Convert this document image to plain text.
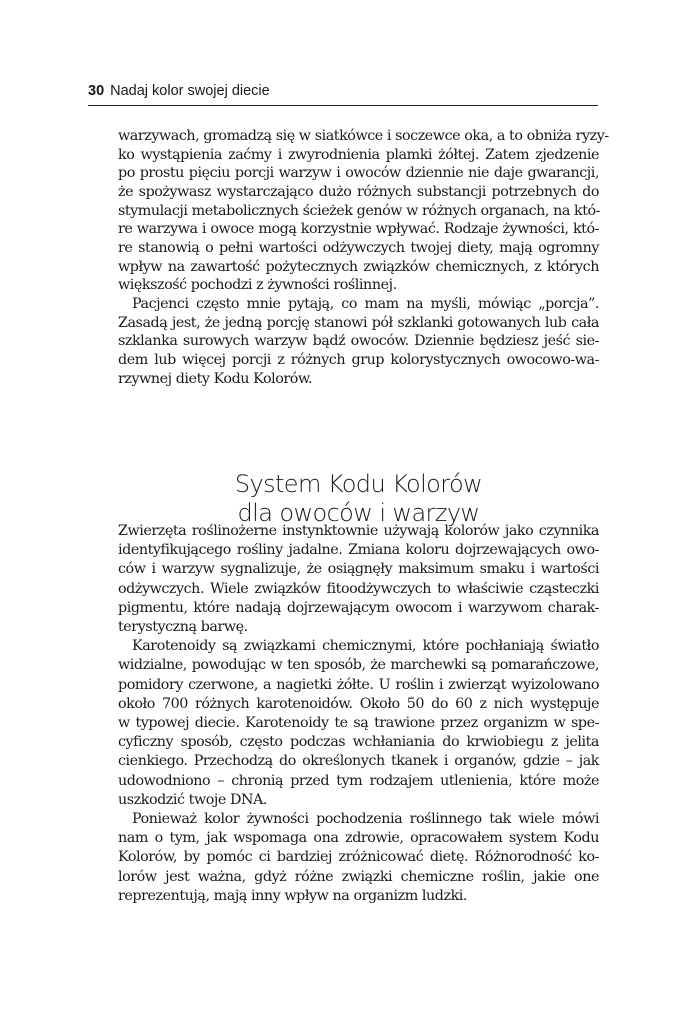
30 Nadaj kolor swojej diecie

warzywach, gromadzą się w siatkówce i soczewce oka, a to obniża ryzy-
ko wystąpienia zaćmy i zwyrodnienia plamki żółtej. Zatem zjedzenie
po prostu pięciu porcji warzyw i owoców dziennie nie daje gwarancji,
że spożywasz wystarczająco dużo różnych substancji potrzebnych do
stymulacji metabolicznych ścieżek genów w różnych organach, na któ-
re warzywa i owoce mogą korzystnie wpływać. Rodzaje żywności, któ-
re stanowią o pełni wartości odżywczych twojej diety, mają ogromny
wpływ na zawartość pożytecznych związków chemicznych, z których
większość pochodzi z żywności roślinnej.

Pacjenci często mnie pytają, co mam na myśli, mówiąc „porcja”.
Zasadą jest, że jedną porcję stanowi pół szklanki gotowanych lub cała
szklanka surowych warzyw bądź owoców. Dziennie będziesz jeść sie-
dem lub więcej porcji z różnych grup kolorystycznych owocowo-wa-
rzywnej diety Kodu Kolorów.

System Kodu Kolorów
dla owoców i warzyw

Zwierzęta roślinożerne instynktownie używają kolorów jako czynnika
identyfikującego rośliny jadalne. Zmiana koloru dojrzewających owo-
ców i warzyw sygnalizuje, że osiągnęły maksimum smaku i wartości
odżywczych. Wiele związków fitoodżywczych to właściwie cząsteczki
pigmentu, które nadają dojrzewającym owocom i warzywom charak-
terystyczną barwę.

Karotenoidy są związkami chemicznymi, które pochłaniają światło
widzialne, powodując w ten sposób, że marchewki są pomarańczowe,
pomidory czerwone, a nagietki żółte. U roślin i zwierząt wyizolowano
około 700 różnych karotenoidów. Około 50 do 60 z nich występuje
w typowej diecie. Karotenoidy te są trawione przez organizm w spe-
cyficzny sposób, często podczas wchłaniania do krwiobiegu z jelita
cienkiego. Przechodzą do określonych tkanek i organów, gdzie – jak
udowodniono – chronią przed tym rodzajem utlenienia, które może
uszkodzić twoje DNA.

Ponieważ kolor żywności pochodzenia roślinnego tak wiele mówi
nam o tym, jak wspomaga ona zdrowie, opracowałem system Kodu
Kolorów, by pomóc ci bardziej zróżnicować dietę. Różnorodność ko-
lorów jest ważna, gdyż różne związki chemiczne roślin, jakie one
reprezentują, mają inny wpływ na organizm ludzki.
